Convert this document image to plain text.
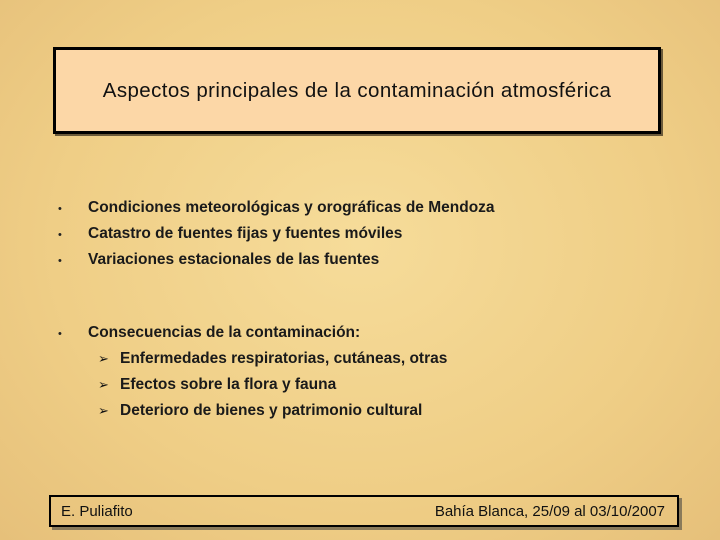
Aspectos principales de la contaminación atmosférica
•	Condiciones meteorológicas y orográficas de Mendoza
•	Catastro de fuentes fijas y fuentes móviles
•	Variaciones estacionales de las fuentes
•	Consecuencias de la contaminación:
➢ Enfermedades respiratorias, cutáneas, otras
➢ Efectos sobre la flora y fauna
➢ Deterioro de bienes y patrimonio cultural
E. Puliafito	Bahía Blanca, 25/09 al 03/10/2007
